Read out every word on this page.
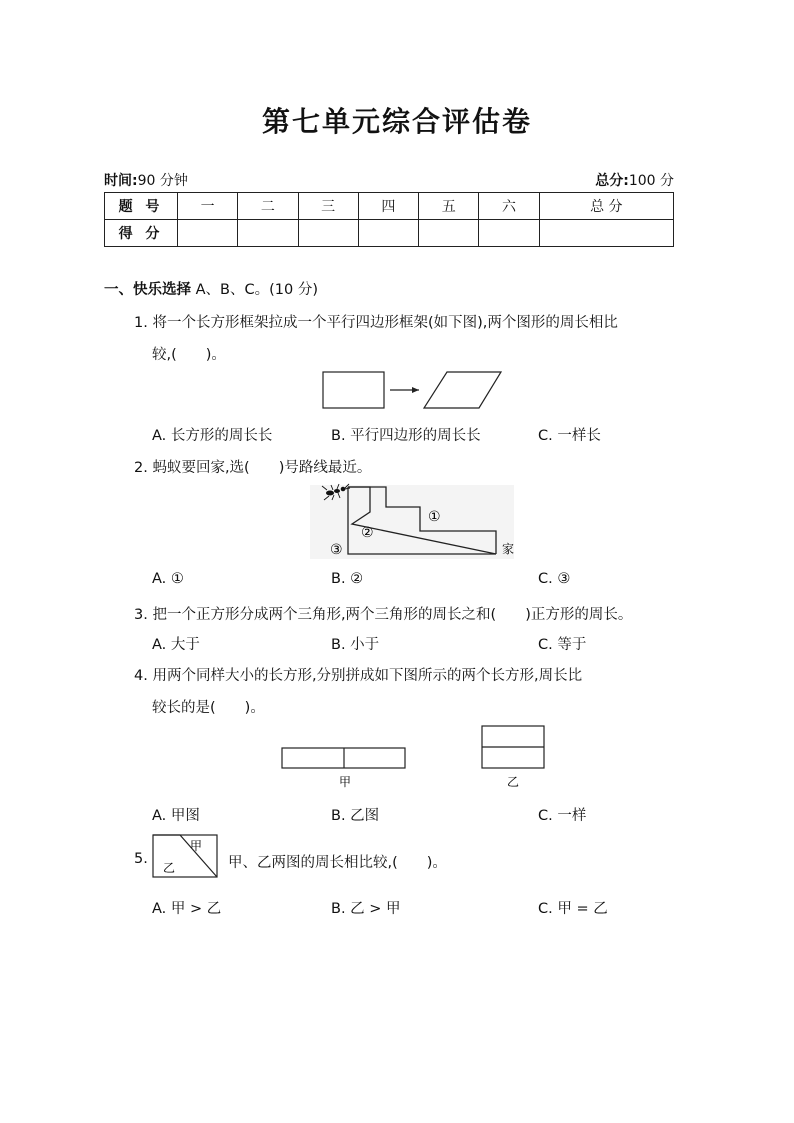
第七单元综合评估卷
时间:90 分钟	总分:100 分
题 号	一	二	三	四	五	六	总 分
得 分							
一、快乐选择 A、B、C。(10 分)
1. 将一个长方形框架拉成一个平行四边形框架(如下图),两个图形的周长相比
较,(　　)。
A. 长方形的周长长	B. 平行四边形的周长长	C. 一样长
2. 蚂蚁要回家,选(　　)号路线最近。
①
②
③	家
A. ①	B. ②	C. ③
3. 把一个正方形分成两个三角形,两个三角形的周长之和(　　)正方形的周长。
A. 大于	B. 小于	C. 等于
4. 用两个同样大小的长方形,分别拼成如下图所示的两个长方形,周长比
较长的是(　　)。
甲	乙
A. 甲图	B. 乙图	C. 一样
5.
甲
乙	甲、乙两图的周长相比较,(　　)。
A. 甲 > 乙	B. 乙 > 甲	C. 甲 = 乙
